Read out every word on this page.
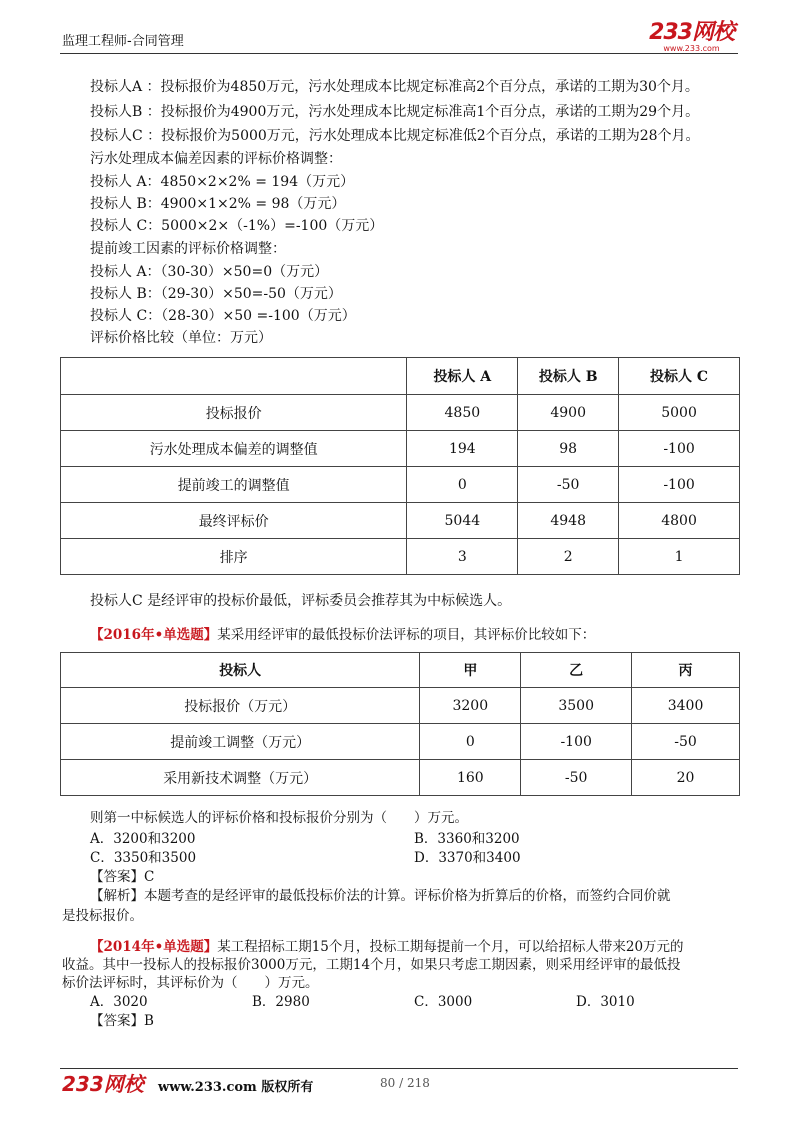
监理工程师-合同管理	233网校
www.233.com
投标人A ：投标报价为4850万元，污水处理成本比规定标准高2个百分点，承诺的工期为30个月。
投标人B ：投标报价为4900万元，污水处理成本比规定标准高1个百分点，承诺的工期为29个月。
投标人C ：投标报价为5000万元，污水处理成本比规定标准低2个百分点，承诺的工期为28个月。
污水处理成本偏差因素的评标价格调整：
投标人 A：4850×2×2% = 194（万元）
投标人 B：4900×1×2% = 98（万元）
投标人 C：5000×2×（-1%）=-100（万元）
提前竣工因素的评标价格调整：
投标人 A：（30-30）×50=0（万元）
投标人 B：（29-30）×50=-50（万元）
投标人 C：（28-30）×50 =-100（万元）
评标价格比较（单位：万元）
	投标人 A	投标人 B	投标人 C
投标报价	4850	4900	5000
污水处理成本偏差的调整值	194	98	-100
提前竣工的调整值	0	-50	-100
最终评标价	5044	4948	4800
排序	3	2	1
投标人C 是经评审的投标价最低，评标委员会推荐其为中标候选人。
【2016年•单选题】某采用经评审的最低投标价法评标的项目，其评标价比较如下：
投标人	甲	乙	丙
投标报价（万元）	3200	3500	3400
提前竣工调整（万元）	0	-100	-50
采用新技术调整（万元）	160	-50	20
则第一中标候选人的评标价格和投标报价分别为（　　）万元。
A．3200和3200	B．3360和3200
C．3350和3500	D．3370和3400
【答案】C
【解析】本题考查的是经评审的最低投标价法的计算。评标价格为折算后的价格，而签约合同价就
是投标报价。
【2014年•单选题】某工程招标工期15个月，投标工期每提前一个月，可以给招标人带来20万元的
收益。其中一投标人的投标报价3000万元，工期14个月，如果只考虑工期因素，则采用经评审的最低投
标价法评标时，其评标价为（　　）万元。
A．3020	B．2980	C．3000	D．3010
【答案】B
233网校 www.233.com 版权所有	80 / 218
